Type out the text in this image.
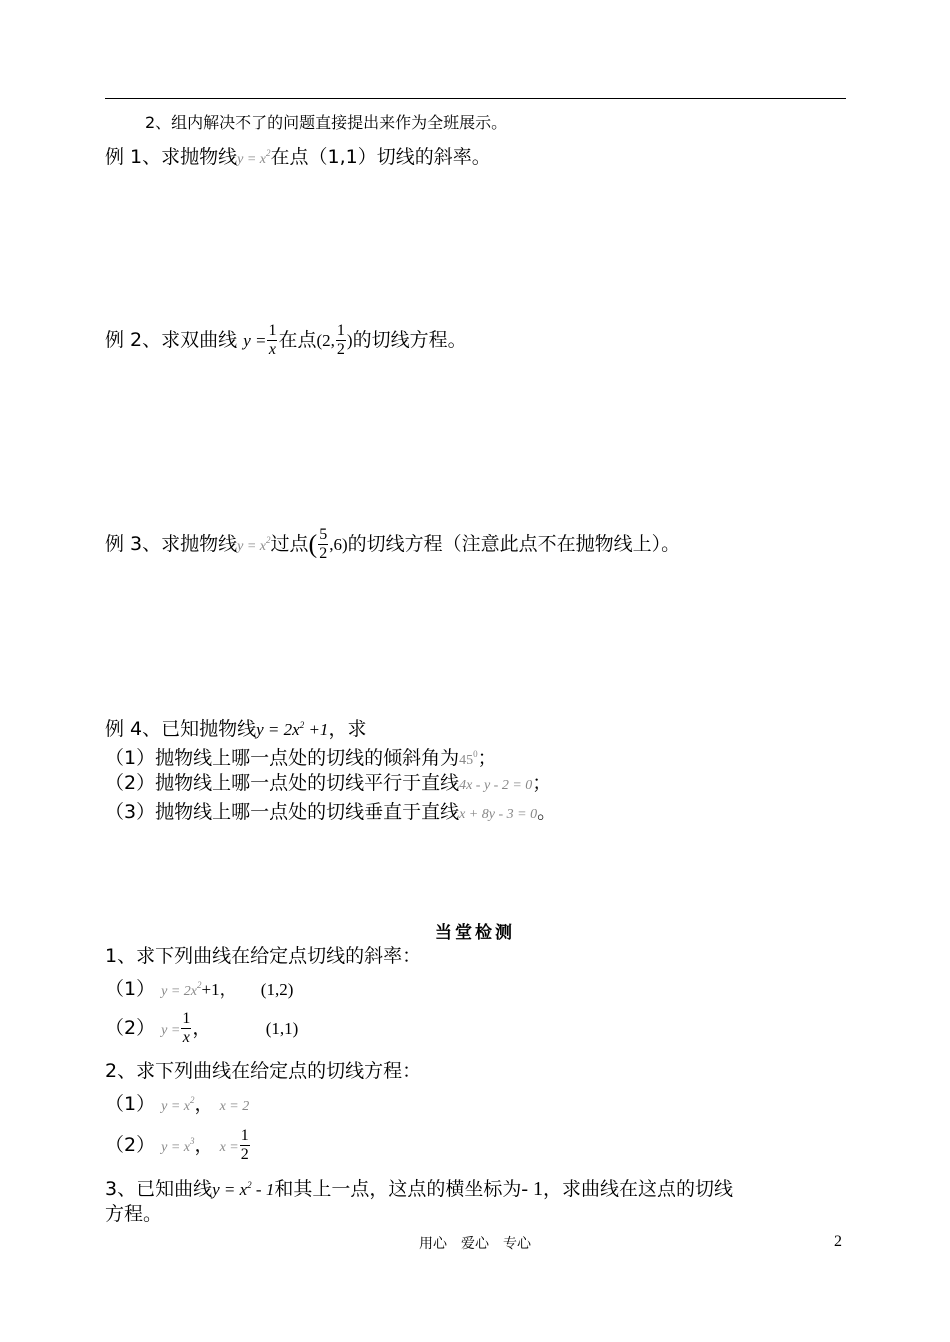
2、组内解决不了的问题直接提出来作为全班展示。
例 1、求抛物线$y = x^2$在点（1,1）切线的斜率。
例 2、求双曲线 $y = \frac{1}{x}$ 在点(2, $\frac{1}{2}$ )的切线方程。
例 3、求抛物线$y = x^2$过点( $\frac{5}{2} ,6$)的切线方程（注意此点不在抛物线上）。
例 4、已知抛物线$y = 2x^2 +1$，求
（1）抛物线上哪一点处的切线的倾斜角为$45^0$；
（2）抛物线上哪一点处的切线平行于直线4x - y - 2 = 0；
（3）抛物线上哪一点处的切线垂直于直线x + 8y - 3 = 0。
当堂检测
1、求下列曲线在给定点切线的斜率：
（1） $y = 2x^2+1$， (1,2)
（2） $y = \frac{1}{x}$ ，	(1,1)
2、求下列曲线在给定点的切线方程：
（1） $y = x^2$， x = 2
（2） $y = x^3$， $x = \frac{1}{2}$
3、已知曲线$y = x^2 - 1$和其上一点，这点的横坐标为- 1，求曲线在这点的切线
方程。
用心　爱心　专心	2
